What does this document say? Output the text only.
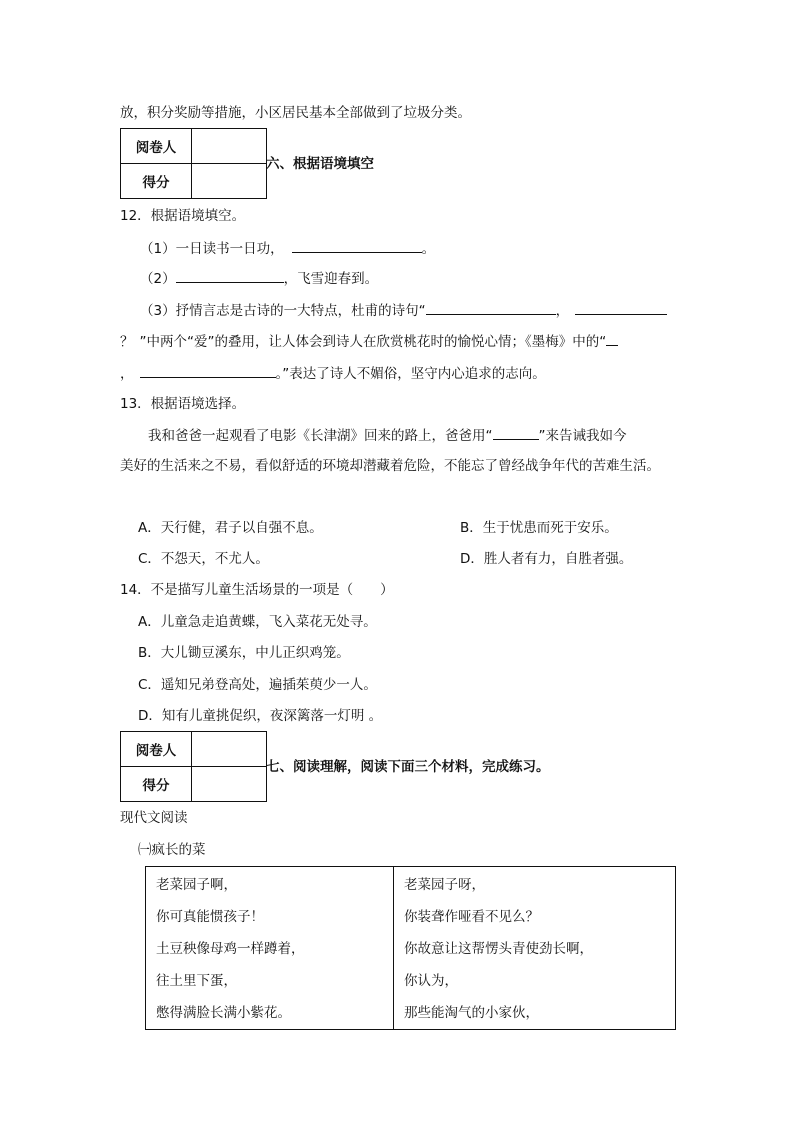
放，积分奖励等措施，小区居民基本全部做到了垃圾分类。
阅卷人	
得分	
六、根据语境填空
12．根据语境填空。
（1）一日读书一日功，	。
（2）	，飞雪迎春到。
（3）抒情言志是古诗的一大特点，杜甫的诗句“	，
？ ”中两个“爱”的叠用，让人体会到诗人在欣赏桃花时的愉悦心情；《墨梅》中的“
，	。”表达了诗人不媚俗，坚守内心追求的志向。
13．根据语境选择。
我和爸爸一起观看了电影《长津湖》回来的路上，爸爸用“	”来告诫我如今
美好的生活来之不易，看似舒适的环境却潜藏着危险，不能忘了曾经战争年代的苦难生活。
A．天行健，君子以自强不息。	B．生于忧患而死于安乐。
C．不怨天，不尤人。	D．胜人者有力，自胜者强。
14．不是描写儿童生活场景的一项是（　　）
A．儿童急走追黄蝶，飞入菜花无处寻。
B．大儿锄豆溪东，中儿正织鸡笼。
C．遥知兄弟登高处，遍插茱萸少一人。
D．知有儿童挑促织，夜深篱落一灯明 。
阅卷人	
得分	
七、阅读理解，阅读下面三个材料，完成练习。
现代文阅读
㈠疯长的菜
老菜园子啊，
你可真能惯孩子！
土豆秧像母鸡一样蹲着，
往土里下蛋，
憋得满脸长满小紫花。

老菜园子呀，
你装聋作哑看不见么？
你故意让这帮愣头青使劲长啊，
你认为，
那些能淘气的小家伙，
